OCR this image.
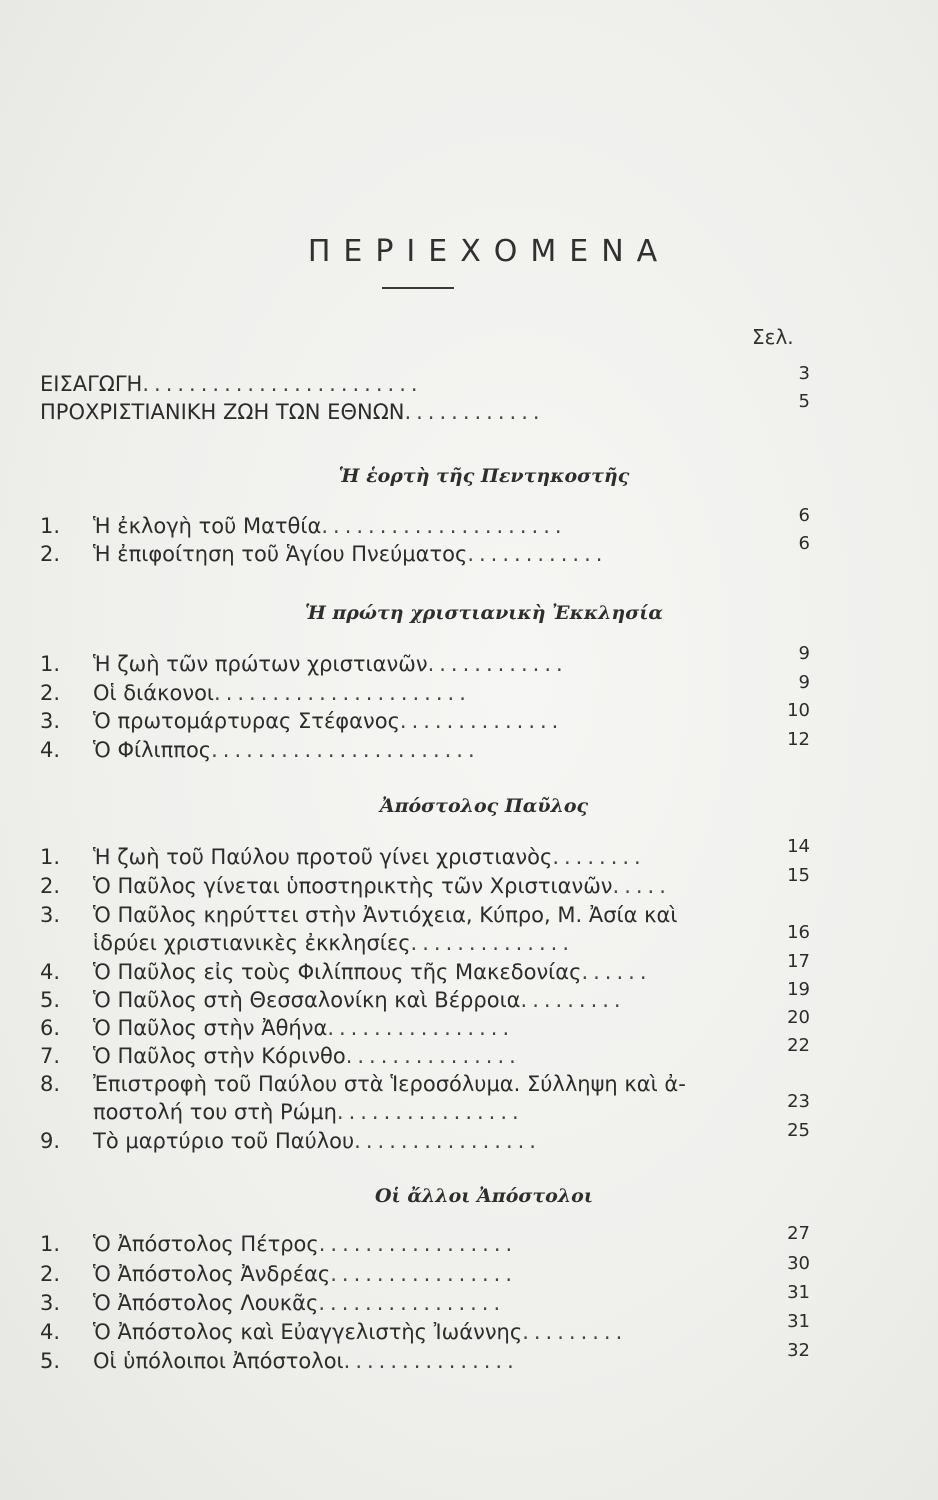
ΠΕΡΙΕΧΟΜΕΝΑ
Σελ.
ΕΙΣΑΓΩΓΗ........................	3
ΠΡΟΧΡΙΣΤΙΑΝΙΚΗ ΖΩΗ ΤΩΝ ΕΘΝΩΝ............	5
Ἡ ἑορτὴ τῆς Πεντηκοστῆς
1. Ἡ ἐκλογὴ τοῦ Ματθία.....................	6
2. Ἡ ἐπιφοίτηση τοῦ Ἁγίου Πνεύματος............	6
Ἡ πρώτη χριστιανικὴ Ἐκκλησία
1. Ἡ ζωὴ τῶν πρώτων χριστιανῶν............	9
2. Οἱ διάκονοι......................	9
3. Ὁ πρωτομάρτυρας Στέφανος..............	10
4. Ὁ Φίλιππος.......................	12
Ἀπόστολος Παῦλος
1. Ἡ ζωὴ τοῦ Παύλου προτοῦ γίνει χριστιανὸς........	14
2. Ὁ Παῦλος γίνεται ὑποστηρικτὴς τῶν Χριστιανῶν.....	15
3. Ὁ Παῦλος κηρύττει στὴν Ἀντιόχεια, Κύπρο, Μ. Ἀσία καὶ
ἱδρύει χριστιανικὲς ἐκκλησίες..............	16
4. Ὁ Παῦλος εἰς τοὺς Φιλίππους τῆς Μακεδονίας......	17
5. Ὁ Παῦλος στὴ Θεσσαλονίκη καὶ Βέρροια.........	19
6. Ὁ Παῦλος στὴν Ἀθήνα................	20
7. Ὁ Παῦλος στὴν Κόρινθο...............	22
8. Ἐπιστροφὴ τοῦ Παύλου στὰ Ἱεροσόλυμα. Σύλληψη καὶ ἀ-
ποστολή του στὴ Ρώμη................	23
9. Τὸ μαρτύριο τοῦ Παύλου................	25
Οἱ ἄλλοι Ἀπόστολοι
1. Ὁ Ἀπόστολος Πέτρος.................	27
2. Ὁ Ἀπόστολος Ἀνδρέας................	30
3. Ὁ Ἀπόστολος Λουκᾶς................	31
4. Ὁ Ἀπόστολος καὶ Εὐαγγελιστὴς Ἰωάννης.........	31
5. Οἱ ὑπόλοιποι Ἀπόστολοι...............	32
